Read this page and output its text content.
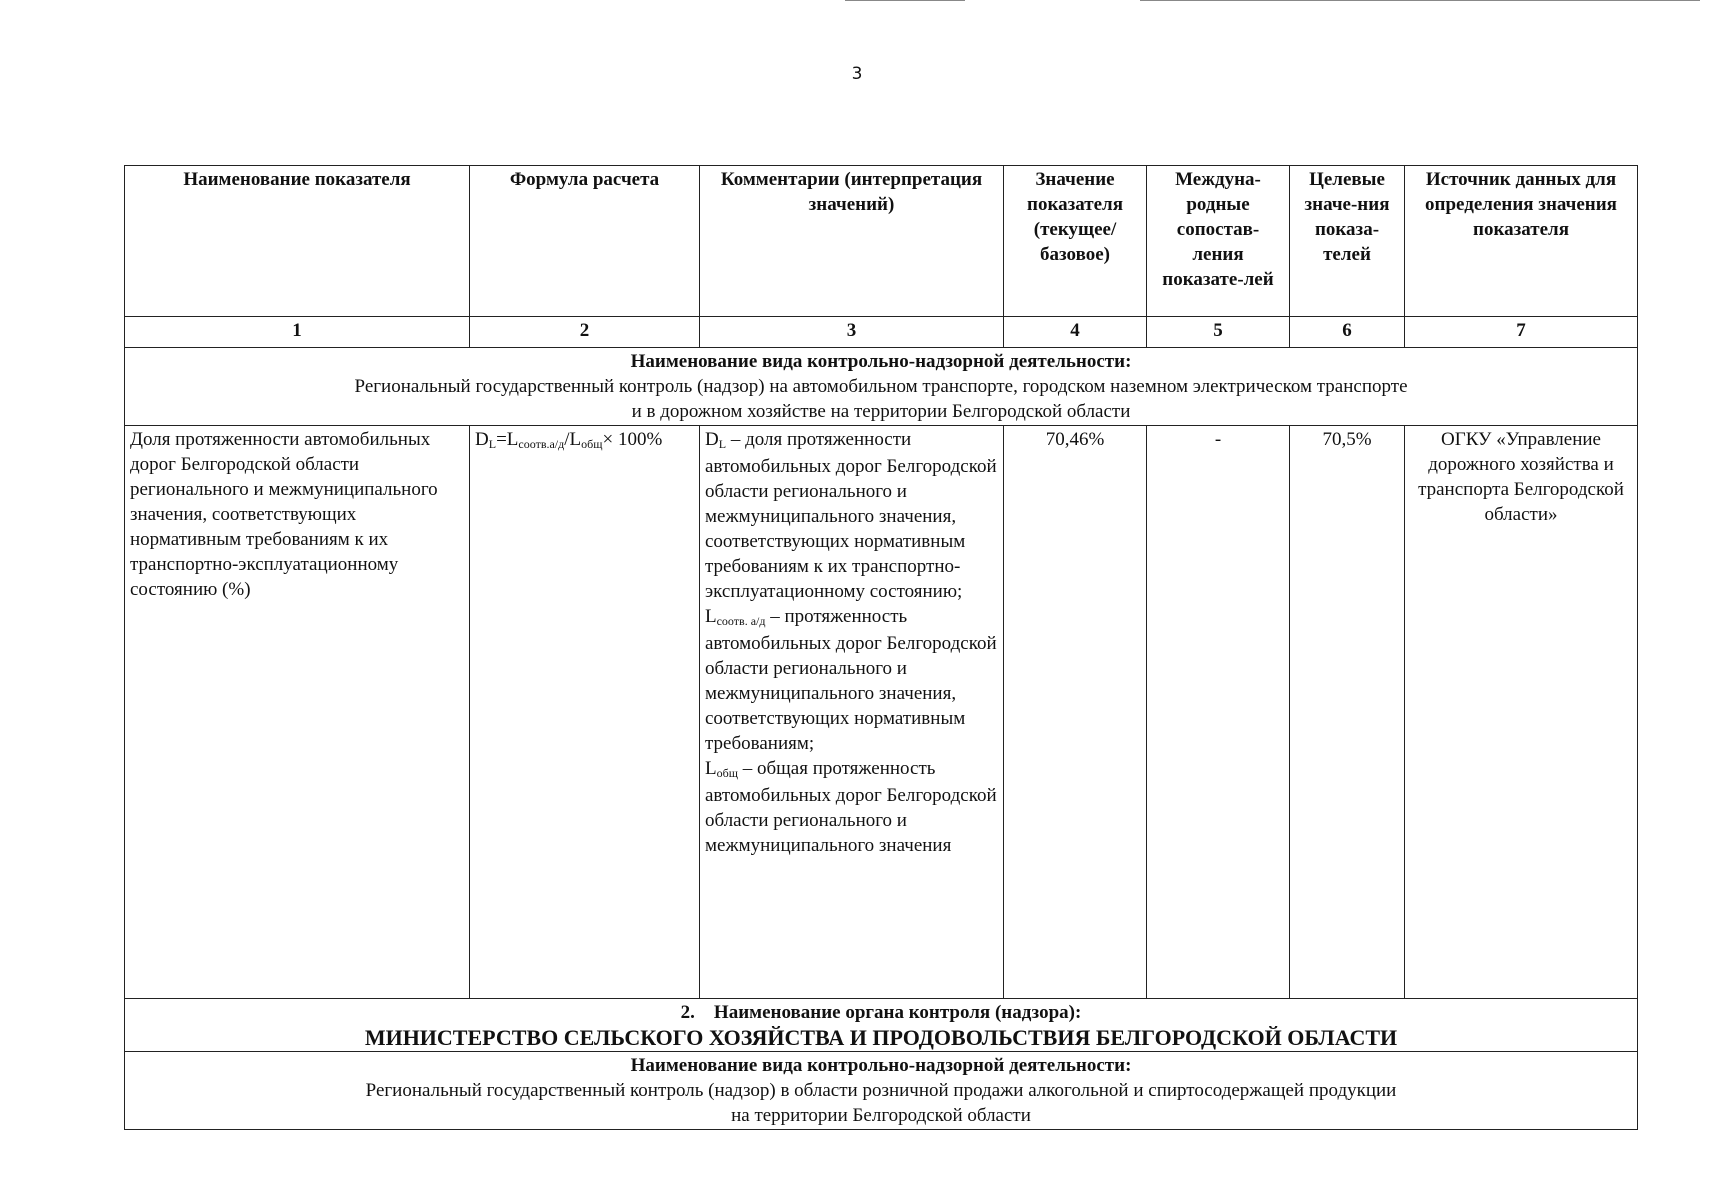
3
Наименование показателя	Формула расчета	Комментарии (интерпретация значений)	Значение показателя (текущее/ базовое)	Междуна-родные сопостав-ления показате-лей	Целевые значе-ния показа-телей	Источник данных для определения значения показателя
1	2	3	4	5	6	7

Наименование вида контрольно-надзорной деятельности:
Региональный государственный контроль (надзор) на автомобильном транспорте, городском наземном электрическом транспорте
и в дорожном хозяйстве на территории Белгородской области						

Доля протяженности автомобильных дорог Белгородской области регионального и межмуниципального значения, соответствующих нормативным требованиям к их транспортно-эксплуатационному состоянию (%)	$D_L=L_{соотв.а/д}/L_{общ}\times 100\%$	$D_L$ – доля протяженности автомобильных дорог Белгородской области регионального и межмуниципального значения, соответствующих нормативным требованиям к их транспортно-эксплуатационному состоянию;
$L_{соотв. а/д}$ – протяженность автомобильных дорог Белгородской области регионального и межмуниципального значения, соответствующих нормативным требованиям;
$L_{общ}$ – общая протяженность автомобильных дорог Белгородской области регионального и межмуниципального значения	70,46%	-	70,5%	ОГКУ «Управление дорожного хозяйства и транспорта Белгородской области»

2.    Наименование органа контроля (надзора):
МИНИСТЕРСТВО СЕЛЬСКОГО ХОЗЯЙСТВА И ПРОДОВОЛЬСТВИЯ БЕЛГОРОДСКОЙ ОБЛАСТИ						

Наименование вида контрольно-надзорной деятельности:
Региональный государственный контроль (надзор) в области розничной продажи алкогольной и спиртосодержащей продукции
на территории Белгородской области						
